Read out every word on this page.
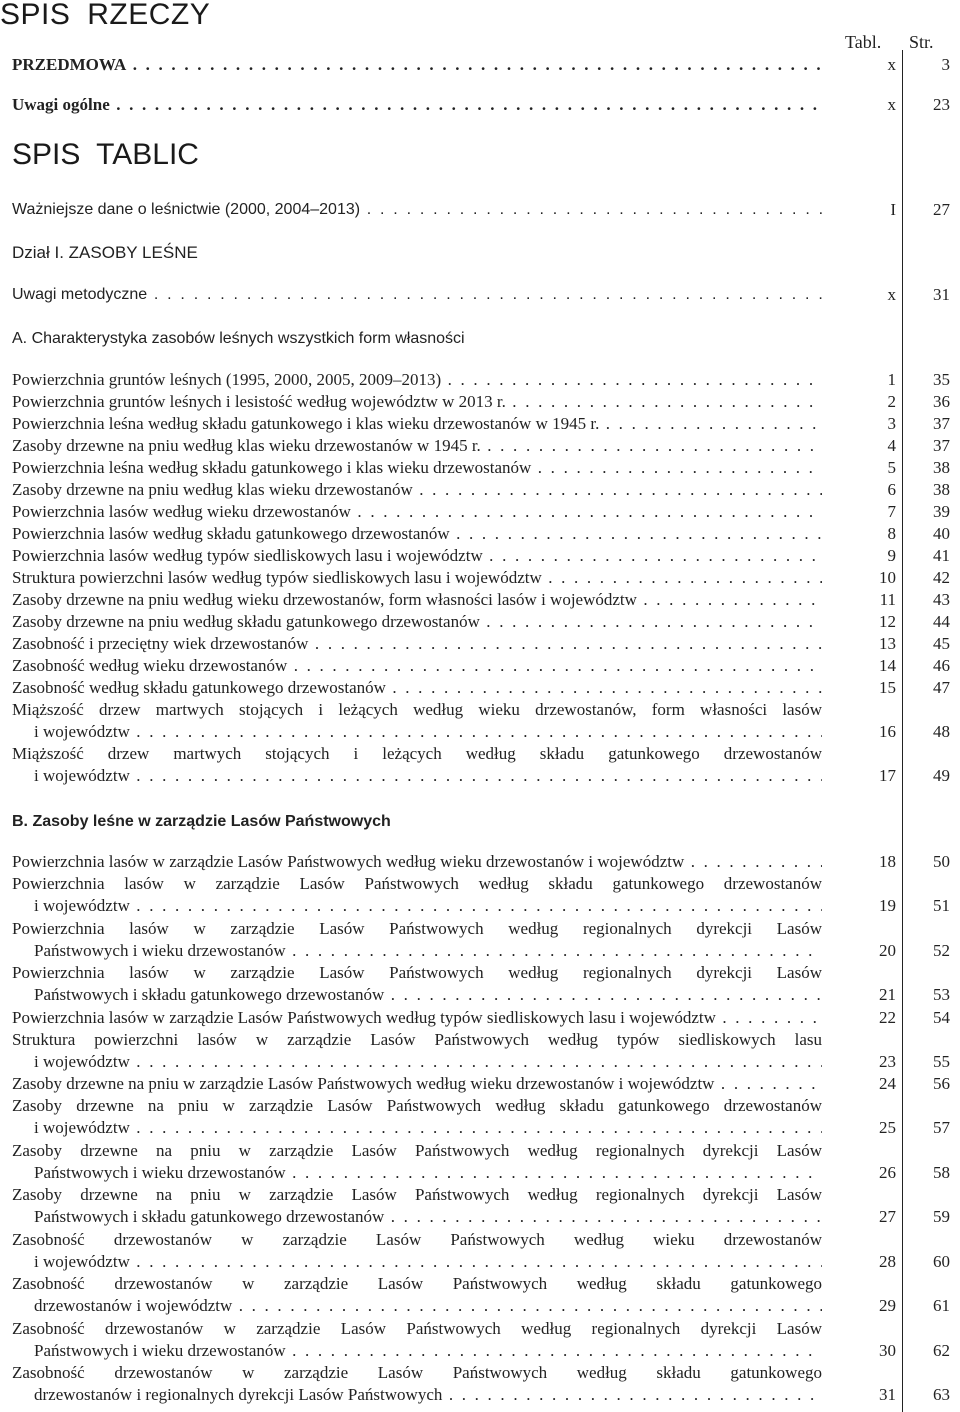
SPIS RZECZY
Tabl. Str.
PRZEDMOWA . . .	x	3
Uwagi ogólne . . .	x	23
SPIS TABLIC
Ważniejsze dane o leśnictwie (2000, 2004–2013) . . .	I	27
Dział I. ZASOBY LEŚNE
Uwagi metodyczne . . .	x	31
A. Charakterystyka zasobów leśnych wszystkich form własności
Powierzchnia gruntów leśnych (1995, 2000, 2005, 2009–2013) . . .	1	35
Powierzchnia gruntów leśnych i lesistość według województw w 2013 r. . . .	2	36
Powierzchnia leśna według składu gatunkowego i klas wieku drzewostanów w 1945 r. . . .	3	37
Zasoby drzewne na pniu według klas wieku drzewostanów w 1945 r. . . .	4	37
Powierzchnia leśna według składu gatunkowego i klas wieku drzewostanów . . .	5	38
Zasoby drzewne na pniu według klas wieku drzewostanów . . .	6	38
Powierzchnia lasów według wieku drzewostanów . . .	7	39
Powierzchnia lasów według składu gatunkowego drzewostanów . . .	8	40
Powierzchnia lasów według typów siedliskowych lasu i województw . . .	9	41
Struktura powierzchni lasów według typów siedliskowych lasu i województw . . .	10	42
Zasoby drzewne na pniu według wieku drzewostanów, form własności lasów i województw . . .	11	43
Zasoby drzewne na pniu według składu gatunkowego drzewostanów . . .	12	44
Zasobność i przeciętny wiek drzewostanów . . .	13	45
Zasobność według wieku drzewostanów . . .	14	46
Zasobność według składu gatunkowego drzewostanów . . .	15	47
Miąższość drzew martwych stojących i leżących według wieku drzewostanów, form własności lasów
i województw . . .	16	48
Miąższość drzew martwych stojących i leżących według składu gatunkowego drzewostanów
i województw . . .	17	49
B. Zasoby leśne w zarządzie Lasów Państwowych
Powierzchnia lasów w zarządzie Lasów Państwowych według wieku drzewostanów i województw . . .	18	50
Powierzchnia lasów w zarządzie Lasów Państwowych według składu gatunkowego drzewostanów
i województw . . .	19	51
Powierzchnia lasów w zarządzie Lasów Państwowych według regionalnych dyrekcji Lasów
Państwowych i wieku drzewostanów . . .	20	52
Powierzchnia lasów w zarządzie Lasów Państwowych według regionalnych dyrekcji Lasów
Państwowych i składu gatunkowego drzewostanów . . .	21	53
Powierzchnia lasów w zarządzie Lasów Państwowych według typów siedliskowych lasu i województw . . .	22	54
Struktura powierzchni lasów w zarządzie Lasów Państwowych według typów siedliskowych lasu
i województw . . .	23	55
Zasoby drzewne na pniu w zarządzie Lasów Państwowych według wieku drzewostanów i województw . . .	24	56
Zasoby drzewne na pniu w zarządzie Lasów Państwowych według składu gatunkowego drzewostanów
i województw . . .	25	57
Zasoby drzewne na pniu w zarządzie Lasów Państwowych według regionalnych dyrekcji Lasów
Państwowych i wieku drzewostanów . . .	26	58
Zasoby drzewne na pniu w zarządzie Lasów Państwowych według regionalnych dyrekcji Lasów
Państwowych i składu gatunkowego drzewostanów . . .	27	59
Zasobność drzewostanów w zarządzie Lasów Państwowych według wieku drzewostanów
i województw . . .	28	60
Zasobność drzewostanów w zarządzie Lasów Państwowych według składu gatunkowego
drzewostanów i województw . . .	29	61
Zasobność drzewostanów w zarządzie Lasów Państwowych według regionalnych dyrekcji Lasów
Państwowych i wieku drzewostanów . . .	30	62
Zasobność drzewostanów w zarządzie Lasów Państwowych według składu gatunkowego
drzewostanów i regionalnych dyrekcji Lasów Państwowych . . .	31	63
